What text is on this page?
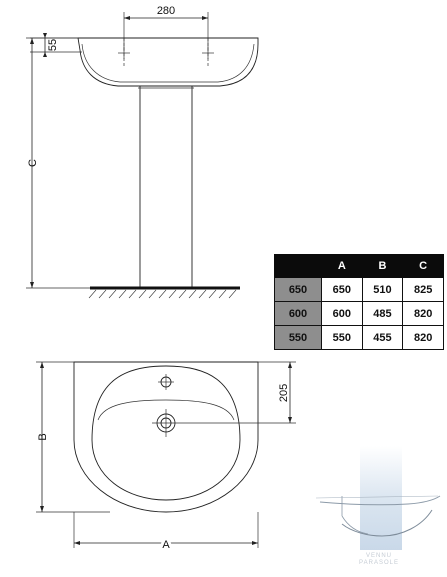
280
55
C
A
B
205
	A	B	C
650	650	510	825
600	600	485	820
550	550	455	820
VENNU
PARASOLE
